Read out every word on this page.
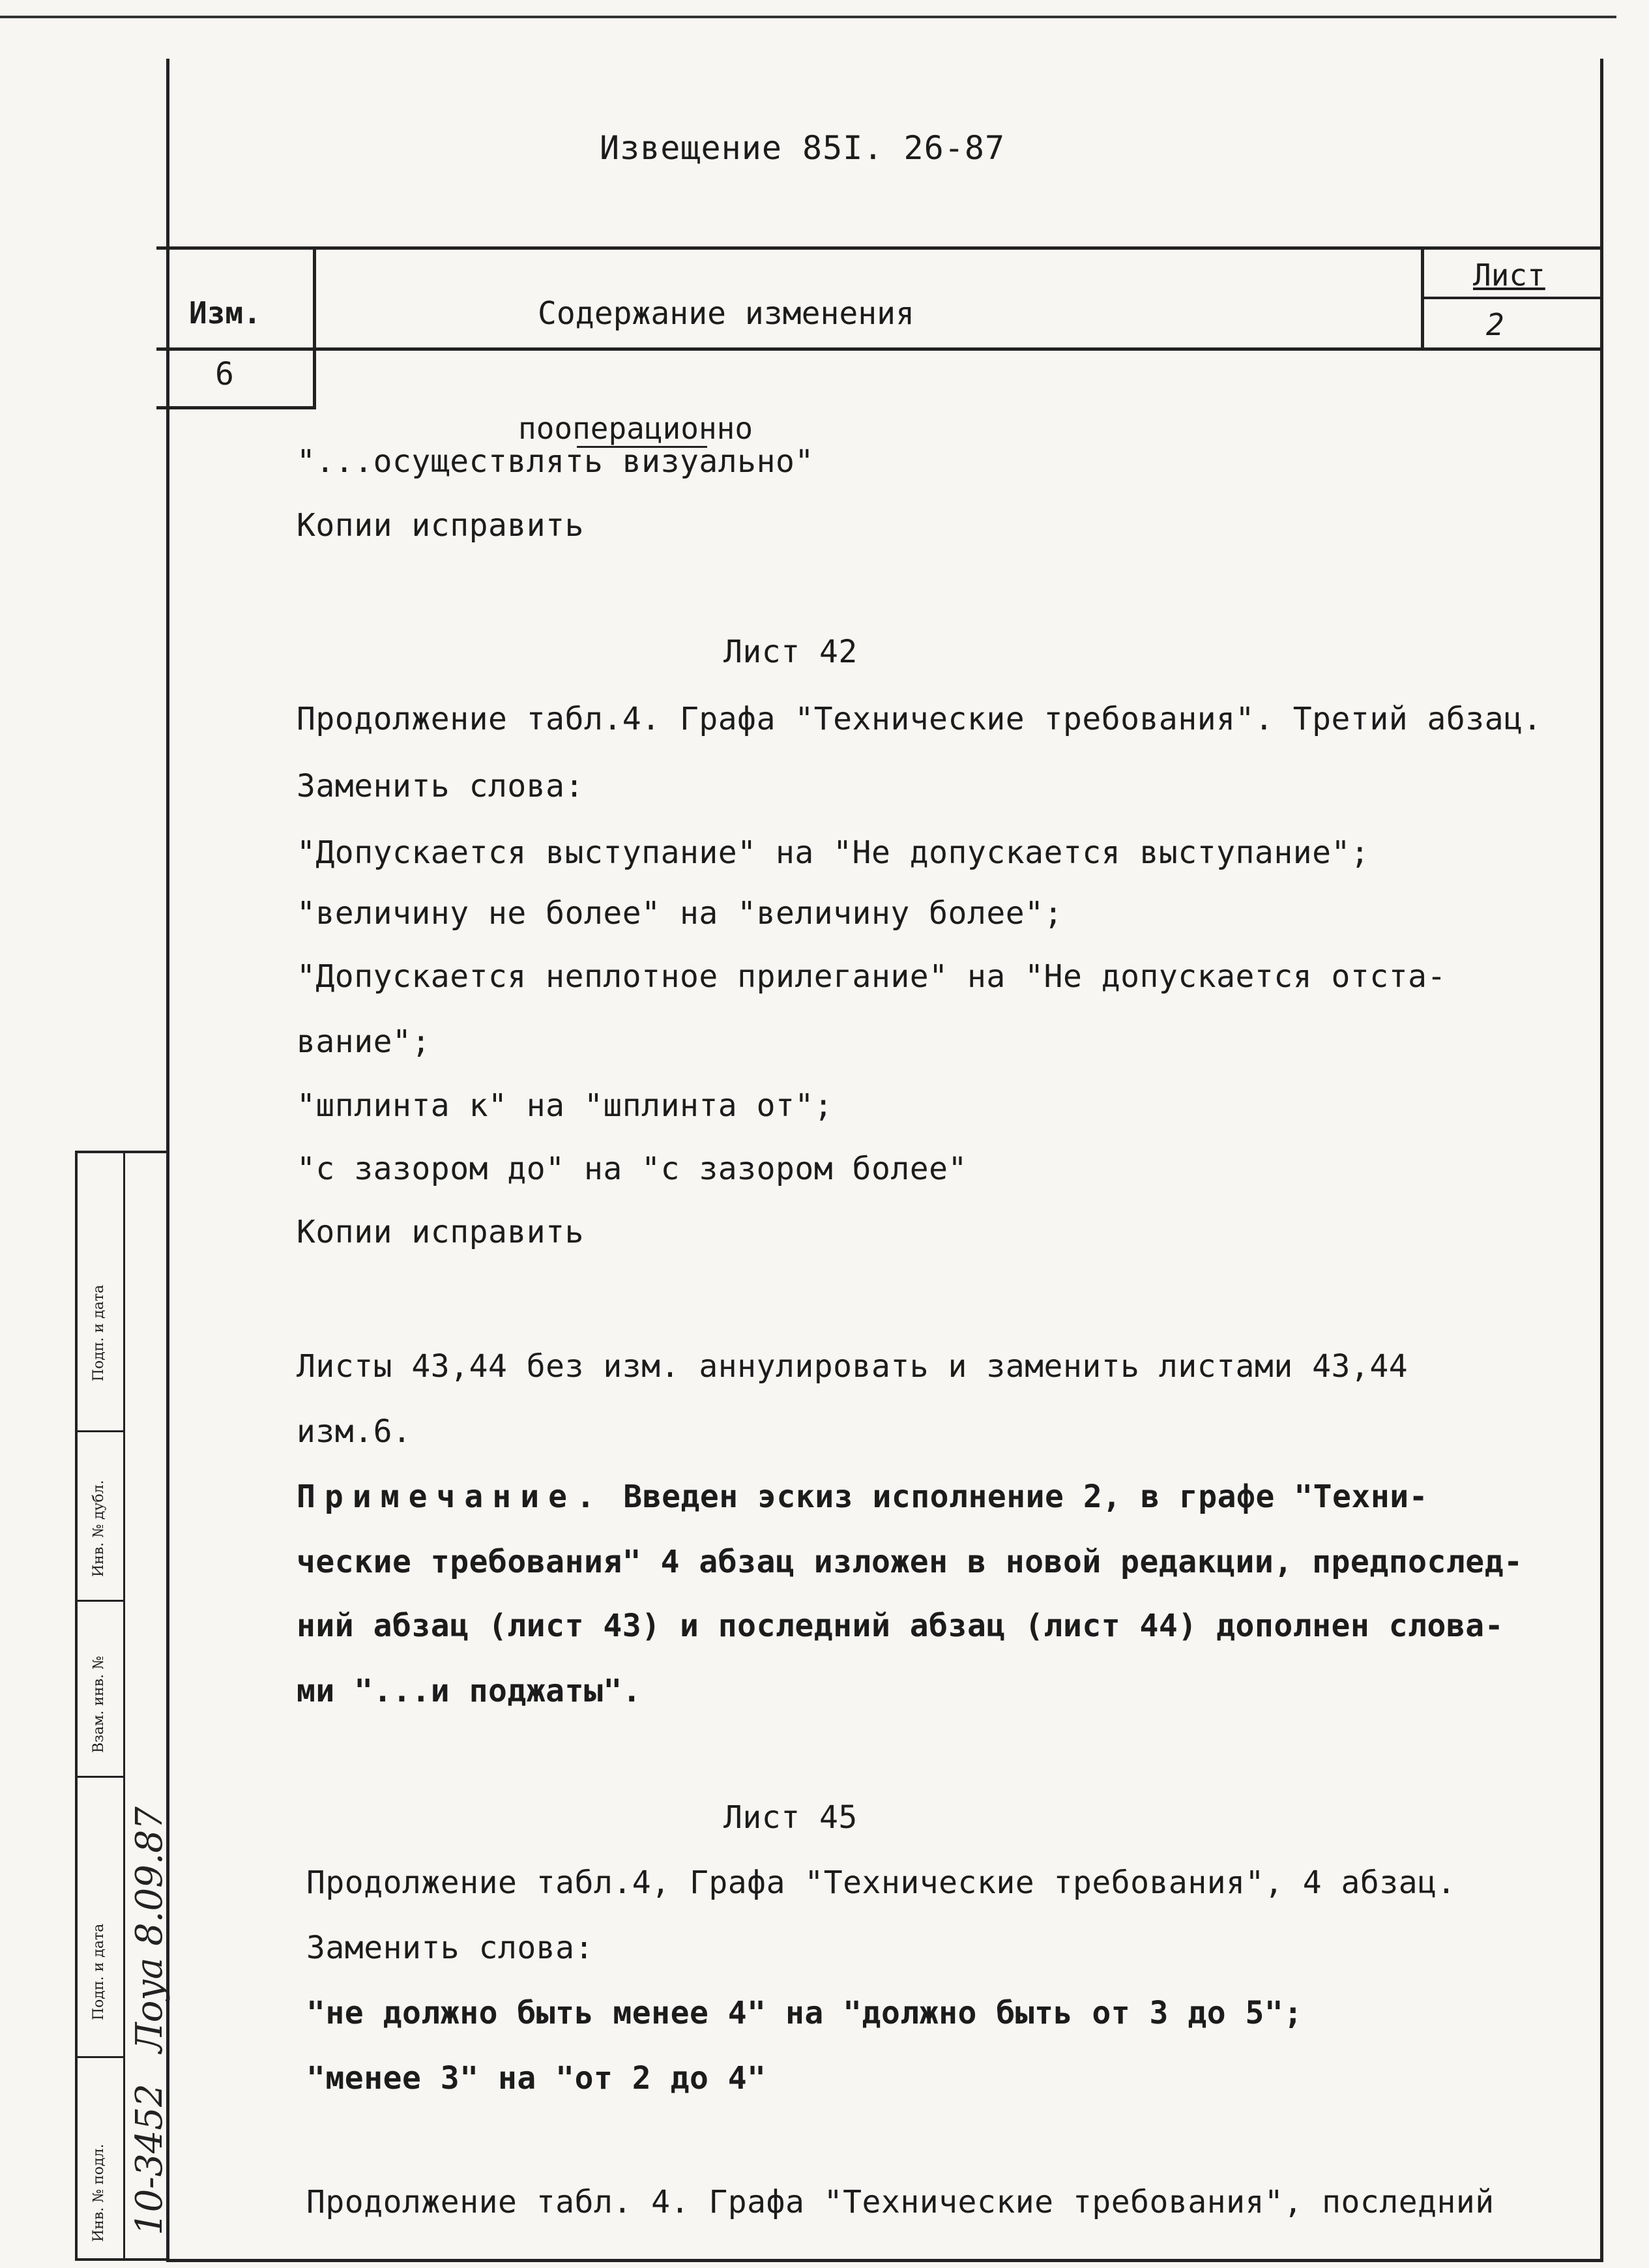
Извещение 85I. 26-87
Изм.	Содержание изменения
Лист
2
6
пооперационно
"...осуществлять визуально"
Копии исправить
Лист 42
Продолжение табл.4. Графа "Технические требования". Третий абзац.
Заменить слова:
"Допускается выступание" на "Не допускается выступание";
"величину не более" на "величину более";
"Допускается неплотное прилегание" на "Не допускается отста-
вание";
"шплинта к" на "шплинта от";
"с зазором до" на "с зазором более"
Копии исправить
Листы 43,44 без изм. аннулировать и заменить листами 43,44
изм.6.
Примечание. Введен эскиз исполнение 2, в графе "Техни-
ческие требования" 4 абзац изложен в новой редакции, предпослед-
ний абзац (лист 43) и последний абзац (лист 44) дополнен слова-
ми "...и поджаты".
Лист 45
Продолжение табл.4, Графа "Технические требования", 4 абзац.
Заменить слова:
"не должно быть менее 4" на "должно быть от 3 до 5";
"менее 3" на "от 2 до 4"
Продолжение табл. 4. Графа "Технические требования", последний
Подп. и дата
Инв. № дубл.
Взам. инв. №
Подп. и дата
Инв. № подл.
Лоуа 8.09.87
10-3452
